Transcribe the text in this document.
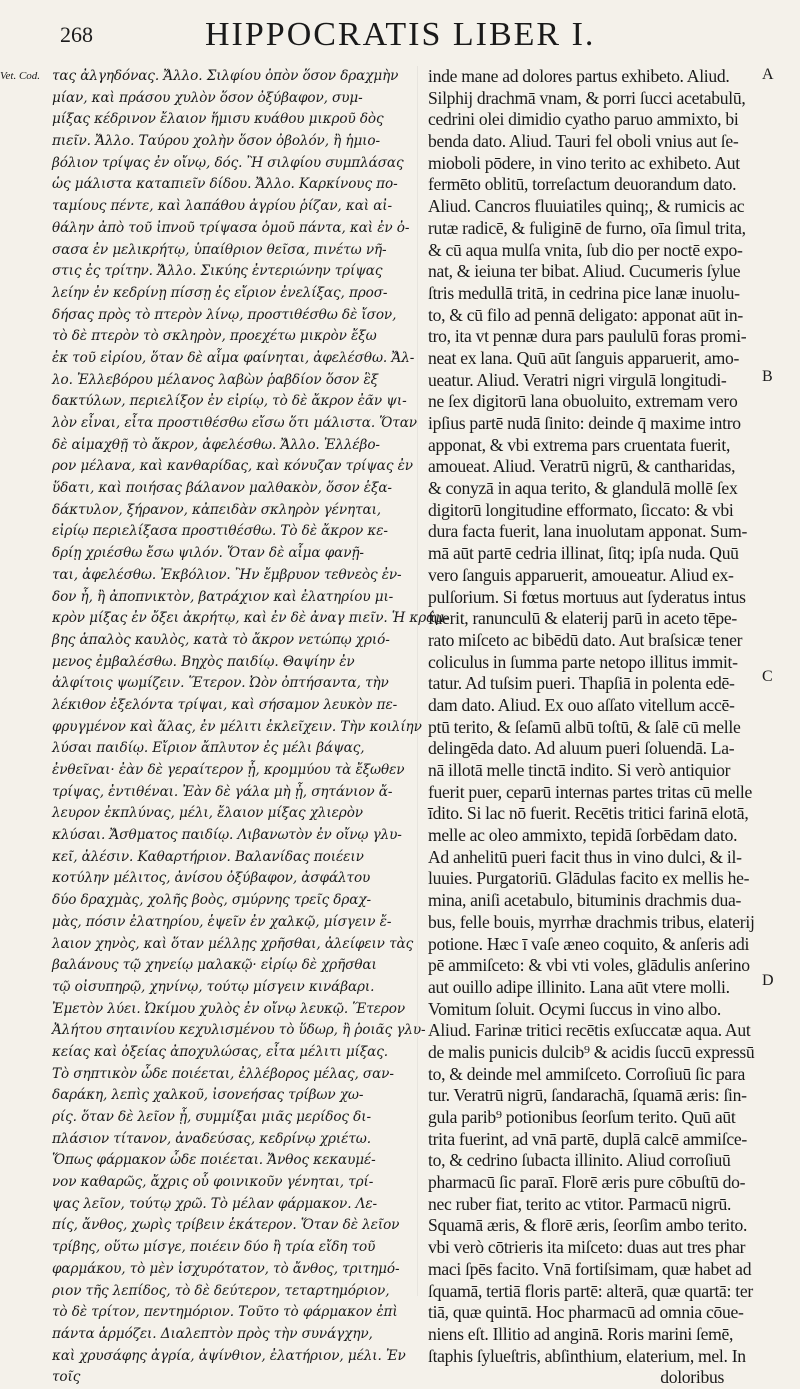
268	HIPPOCRATIS LIBER I.
Vet. Cod. τας ἀλγηδόνας. Ἄλλο. Σιλφίου ὀπὸν ὅσον δραχμὴν
μίαν, καὶ πράσου χυλὸν ὅσον ὀξύβαφον, συμ-
μίξας κέδρινον ἔλαιον ἥμισυ κυάθου μικροῦ δὸς
πιεῖν. Ἄλλο. Ταύρου χολὴν ὅσον ὀβολόν, ἢ ἡμιο-
βόλιον τρίψας ἐν οἴνῳ, δός. Ἢ σιλφίου συμπλάσας
ὡς μάλιστα καταπιεῖν δίδου. Ἄλλο. Καρκίνους πο-
ταμίους πέντε, καὶ λαπάθου ἀγρίου ῥίζαν, καὶ αἰ-
θάλην ἀπὸ τοῦ ἰπνοῦ τρίψασα ὁμοῦ πάντα, καὶ ἐν ὀ-
σασα ἐν μελικρήτῳ, ὑπαίθριον θεῖσα, πινέτω νῆ-
στις ἐς τρίτην. Ἄλλο. Σικύης ἐντεριώνην τρίψας
λείην ἐν κεδρίνῃ πίσσῃ ἐς εἴριον ἐνελίξας, προσ-
δήσας πρὸς τὸ πτερὸν λίνῳ, προστιθέσθω δὲ ἴσον,
τὸ δὲ πτερὸν τὸ σκληρὸν, προεχέτω μικρὸν ἔξω
ἐκ τοῦ εἰρίου, ὅταν δὲ αἷμα φαίνηται, ἀφελέσθω. Ἄλ-
λο. Ἐλλεβόρου μέλανος λαβὼν ῥαβδίον ὅσον ἓξ
δακτύλων, περιελίξον ἐν εἰρίῳ, τὸ δὲ ἄκρον ἐᾶν ψι-
λὸν εἶναι, εἶτα προστιθέσθω εἴσω ὅτι μάλιστα. Ὅταν
δὲ αἱμαχθῇ τὸ ἄκρον, ἀφελέσθω. Ἄλλο. Ἐλλέβο-
ρον μέλανα, καὶ κανθαρίδας, καὶ κόνυζαν τρίψας ἐν
ὕδατι, καὶ ποιήσας βάλανον μαλθακὸν, ὅσον ἑξα-
δάκτυλον, ξήρανον, κἀπειδὰν σκληρὸν γένηται,
εἰρίῳ περιελίξασα προστιθέσθω. Τὸ δὲ ἄκρον κε-
δρίῃ χριέσθω ἔσω ψιλόν. Ὅταν δὲ αἷμα φανῇ-
ται, ἀφελέσθω. Ἐκβόλιον. Ἢν ἔμβρυον τεθνεὸς ἐν-
δον ἦ, ἢ ἀποπνικτὸν, βατράχιον καὶ ἐλατηρίου μι-
κρὸν μίξας ἐν ὄξει ἀκρήτῳ, καὶ ἐν δὲ ἀναγ πιεῖν. Ἡ κράμ-
βης ἁπαλὸς καυλὸς, κατὰ τὸ ἄκρον νετώπῳ χριό-
μενος ἐμβαλέσθω. Βηχὸς παιδίῳ. Θαψίην ἐν
ἀλφίτοις ψωμίζειν. Ἕτερον. Ὠὸν ὀπτήσαντα, τὴν
λέκιθον ἐξελόντα τρίψαι, καὶ σήσαμον λευκὸν πε-
φρυγμένον καὶ ἅλας, ἐν μέλιτι ἐκλεῖχειν. Τὴν κοιλίην
λύσαι παιδίῳ. Εἴριον ἄπλυτον ἐς μέλι βάψας,
ἐνθεῖναι· ἐὰν δὲ γεραίτερον ᾖ, κρομμύου τὰ ἔξωθεν
τρίψας, ἐντιθέναι. Ἐὰν δὲ γάλα μὴ ᾖ, σητάνιον ἄ-
λευρον ἐκπλύνας, μέλι, ἔλαιον μίξας χλιερὸν
κλύσαι. Ἄσθματος παιδίῳ. Λιβανωτὸν ἐν οἴνῳ γλυ-
κεῖ, ἀλέσιν. Καθαρτήριον. Βαλανίδας ποιέειν
κοτύλην μέλιτος, ἀνίσου ὀξύβαφον, ἀσφάλτου
δύο δραχμὰς, χολῆς βοὸς, σμύρνης τρεῖς δραχ-
μὰς, πόσιν ἐλατηρίου, ἑψεῖν ἐν χαλκῷ, μίσγειν ἔ-
λαιον χηνὸς, καὶ ὅταν μέλλῃς χρῆσθαι, ἀλείφειν τὰς
βαλάνους τῷ χηνείῳ μαλακῷ· εἰρίῳ δὲ χρῆσθαι
τῷ οἰσυπηρῷ, χηνίνῳ, τούτῳ μίσγειν κινάβαρι.
Ἐμετὸν λύει. Ὠκίμου χυλὸς ἐν οἴνῳ λευκῷ. Ἕτερον
Ἀλήτου σηταινίου κεχυλισμένου τὸ ὕδωρ, ἢ ῥοιᾶς γλυ-
κείας καὶ ὀξείας ἀποχυλώσας, εἶτα μέλιτι μίξας.
Τὸ σηπτικὸν ὧδε ποιέεται, ἐλλέβορος μέλας, σαν-
δαράκη, λεπὶς χαλκοῦ, ἰσονεήσας τρίβων χω-
ρίς. ὅταν δὲ λεῖον ᾖ, συμμίξαι μιᾶς μερίδος δι-
πλάσιον τίτανον, ἀναδεύσας, κεδρίνῳ χριέτω.
Ὅπως φάρμακον ὧδε ποιέεται. Ἄνθος κεκαυμέ-
νον καθαρῶς, ἄχρις οὗ φοινικοῦν γένηται, τρί-
ψας λεῖον, τούτῳ χρῶ. Τὸ μέλαν φάρμακον. Λε-
πίς, ἄνθος, χωρὶς τρίβειν ἑκάτερον. Ὅταν δὲ λεῖον
τρίβης, οὕτω μίσγε, ποιέειν δύο ἢ τρία εἴδη τοῦ
φαρμάκου, τὸ μὲν ἰσχυρότατον, τὸ ἄνθος, τριτημό-
ριον τῆς λεπίδος, τὸ δὲ δεύτερον, τεταρτημόριον,
τὸ δὲ τρίτον, πεντημόριον. Τοῦτο τὸ φάρμακον ἐπὶ
πάντα ἁρμόζει. Διαλεπτὸν πρὸς τὴν συνάγχην,
καὶ χρυσάφης ἀγρία, ἀψίνθιον, ἐλατήριον, μέλι. Ἐν
τοῖς
inde mane ad dolores partus exhibeto. Aliud.
Silphij drachmā vnam, & porri ſucci acetabulū,
cedrini olei dimidio cyatho paruo ammixto, bi
benda dato. Aliud. Tauri fel oboli vnius aut ſe-
mioboli pōdere, in vino terito ac exhibeto. Aut
fermēto oblitū, torreſactum deuorandum dato.
Aliud. Cancros fluuiatiles quinq;, & rumicis ac
rutæ radicē, & fuliginē de furno, oīa ſimul trita,
& cū aqua mulſa vnita, ſub dio per noctē expo-
nat, & ieiuna ter bibat. Aliud. Cucumeris ſylue
ſtris medullā tritā, in cedrina pice lanæ inuolu-
to, & cū filo ad pennā deligato: apponat aūt in-
tro, ita vt pennæ dura pars paululū foras promi-
neat ex lana. Quū aūt ſanguis apparuerit, amo-
ueatur. Aliud. Veratri nigri virgulā longitudi-
ne ſex digitorū lana obuoluito, extremam vero
ipſius partē nudā ſinito: deinde q̄ maxime intro
apponat, & vbi extrema pars cruentata fuerit,
amoueat. Aliud. Veratrū nigrū, & cantharidas,
& conyzā in aqua terito, & glandulā mollē ſex
digitorū longitudine efformato, ſiccato: & vbi
dura facta fuerit, lana inuolutam apponat. Sum-
mā aūt partē cedria illinat, ſitq; ipſa nuda. Quū
vero ſanguis apparuerit, amoueatur. Aliud ex-
pulſorium. Si fœtus mortuus aut ſyderatus intus
fuerit, ranunculū & elaterij parū in aceto tēpe-
rato miſceto ac bibēdū dato. Aut braſsicæ tener
coliculus in ſumma parte netopo illitus immit-
tatur. Ad tuſsim pueri. Thapſiā in polenta edē-
dam dato. Aliud. Ex ouo aſſato vitellum accē-
ptū terito, & ſeſamū albū toſtū, & ſalē cū melle
delingēda dato. Ad aluum pueri ſoluendā. La-
nā illotā melle tinctā indito. Si verò antiquior
fuerit puer, ceparū internas partes tritas cū melle
īdito. Si lac nō fuerit. Recētis tritici farinā elotā,
melle ac oleo ammixto, tepidā ſorbēdam dato.
Ad anhelitū pueri facit thus in vino dulci, & il-
luuies. Purgatoriū. Glādulas facito ex mellis he-
mina, aniſi acetabulo, bituminis drachmis dua-
bus, felle bouis, myrrhæ drachmis tribus, elaterij
potione. Hæc ī vaſe æneo coquito, & anſeris adi
pē ammiſceto: & vbi vti voles, glādulis anſerino
aut ouillo adipe illinito. Lana aūt vtere molli.
Vomitum ſoluit. Ocymi ſuccus in vino albo.
Aliud. Farinæ tritici recētis exſuccatæ aqua. Aut
de malis punicis dulcib⁹ & acidis ſuccū expressū
to, & deinde mel ammiſceto. Corroſiuū ſic para
tur. Veratrū nigrū, ſandarachā, ſquamā æris: ſin-
gula parib⁹ potionibus ſeorſum terito. Quū aūt
trita fuerint, ad vnā partē, duplā calcē ammiſce-
to, & cedrino ſubacta illinito. Aliud corroſiuū
pharmacū ſic paraī. Florē æris pure cōbuſtū do-
nec ruber fiat, terito ac vtitor. Parmacū nigrū.
Squamā æris, & florē æris, ſeorſim ambo terito.
vbi verò cōtrieris ita miſceto: duas aut tres phar
maci ſpēs facito. Vnā fortiſsimam, quæ habet ad
ſquamā, tertiā floris partē: alterā, quæ quartā: ter
tiā, quæ quintā. Hoc pharmacū ad omnia cōue-
niens eſt. Illitio ad anginā. Roris marini ſemē,
ſtaphis ſylueſtris, abſinthium, elaterium, mel. In
doloribus
A
B
C
D
